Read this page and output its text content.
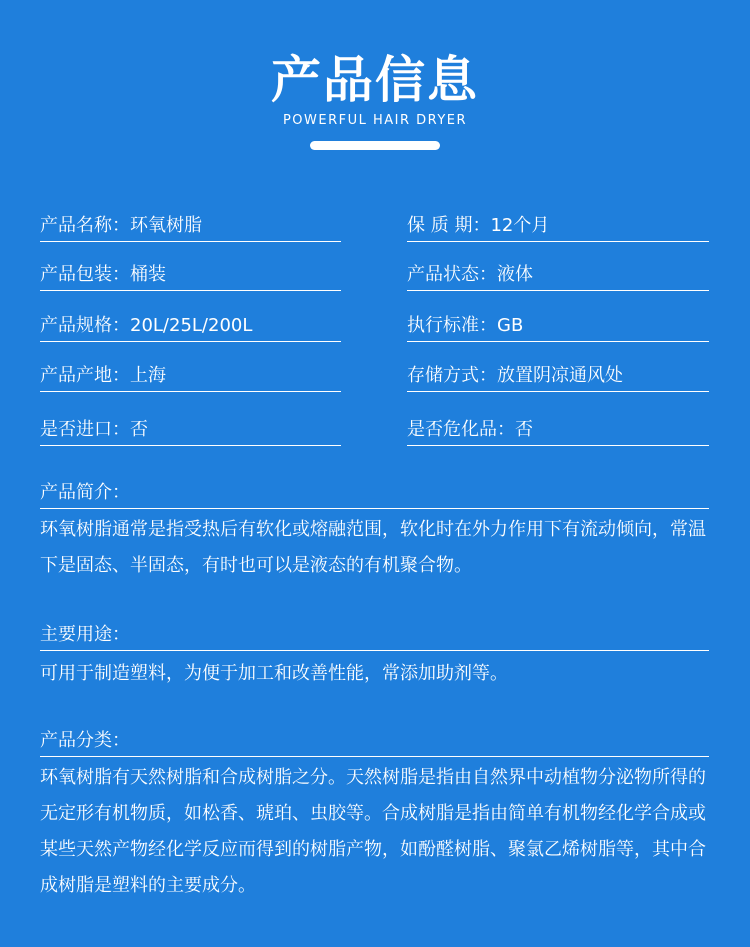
产品信息
POWERFUL HAIR DRYER
产品名称：环氧树脂	保 质 期：12个月
产品包装：桶装	产品状态：液体
产品规格：20L/25L/200L	执行标准：GB
产品产地：上海	存储方式：放置阴凉通风处
是否进口：否	是否危化品：否
产品简介：
环氧树脂通常是指受热后有软化或熔融范围，软化时在外力作用下有流动倾向，常温下是固态、半固态，有时也可以是液态的有机聚合物。
主要用途：
可用于制造塑料，为便于加工和改善性能，常添加助剂等。
产品分类：
环氧树脂有天然树脂和合成树脂之分。天然树脂是指由自然界中动植物分泌物所得的无定形有机物质，如松香、琥珀、虫胶等。合成树脂是指由简单有机物经化学合成或某些天然产物经化学反应而得到的树脂产物，如酚醛树脂、聚氯乙烯树脂等，其中合成树脂是塑料的主要成分。
